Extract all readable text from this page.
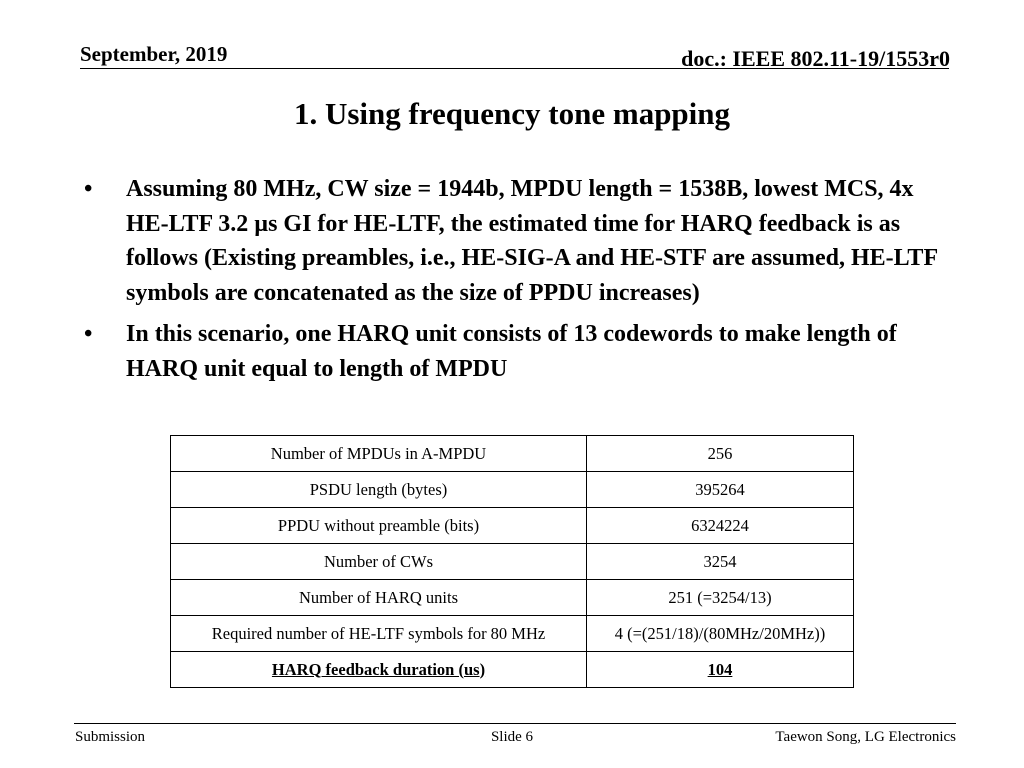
September, 2019	doc.: IEEE 802.11-19/1553r0
1. Using frequency tone mapping
• Assuming 80 MHz, CW size = 1944b, MPDU length = 1538B, lowest MCS, 4x HE-LTF 3.2 µs GI for HE-LTF, the estimated time for HARQ feedback is as follows (Existing preambles, i.e., HE-SIG-A and HE-STF are assumed, HE-LTF symbols are concatenated as the size of PPDU increases)
• In this scenario, one HARQ unit consists of 13 codewords to make length of HARQ unit equal to length of MPDU
Number of MPDUs in A-MPDU	256
PSDU length (bytes)	395264
PPDU without preamble (bits)	6324224
Number of CWs	3254
Number of HARQ units	251 (=3254/13)
Required number of HE-LTF symbols for 80 MHz	4 (=(251/18)/(80MHz/20MHz))
HARQ feedback duration (us)	104
Submission	Slide 6	Taewon Song, LG Electronics
